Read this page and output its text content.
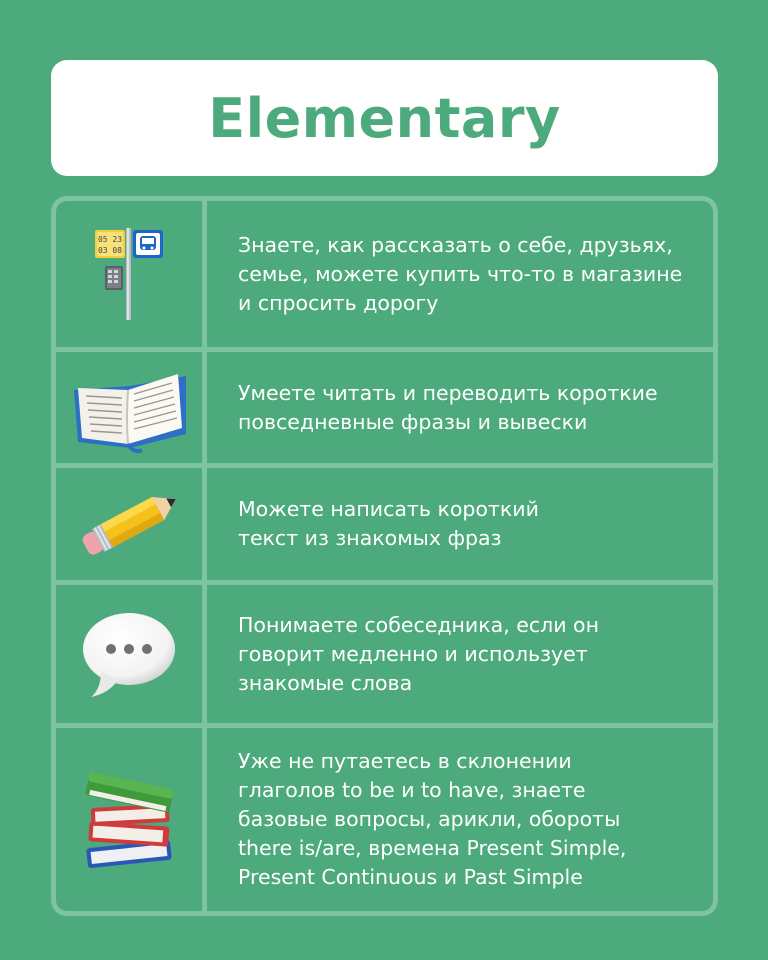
Elementary
05 23
03 08	Знаете, как рассказать о себе, друзьях,
семье, можете купить что-то в магазине
и спросить дорогу
Умеете читать и переводить короткие
повседневные фразы и вывески
Можете написать короткий
текст из знакомых фраз
Понимаете собеседника, если он
говорит медленно и использует
знакомые слова
Уже не путаетесь в склонении
глаголов to be и to have, знаете
базовые вопросы, арикли, обороты
there is/are, времена Present Simple,
Present Continuous и Past Simple
